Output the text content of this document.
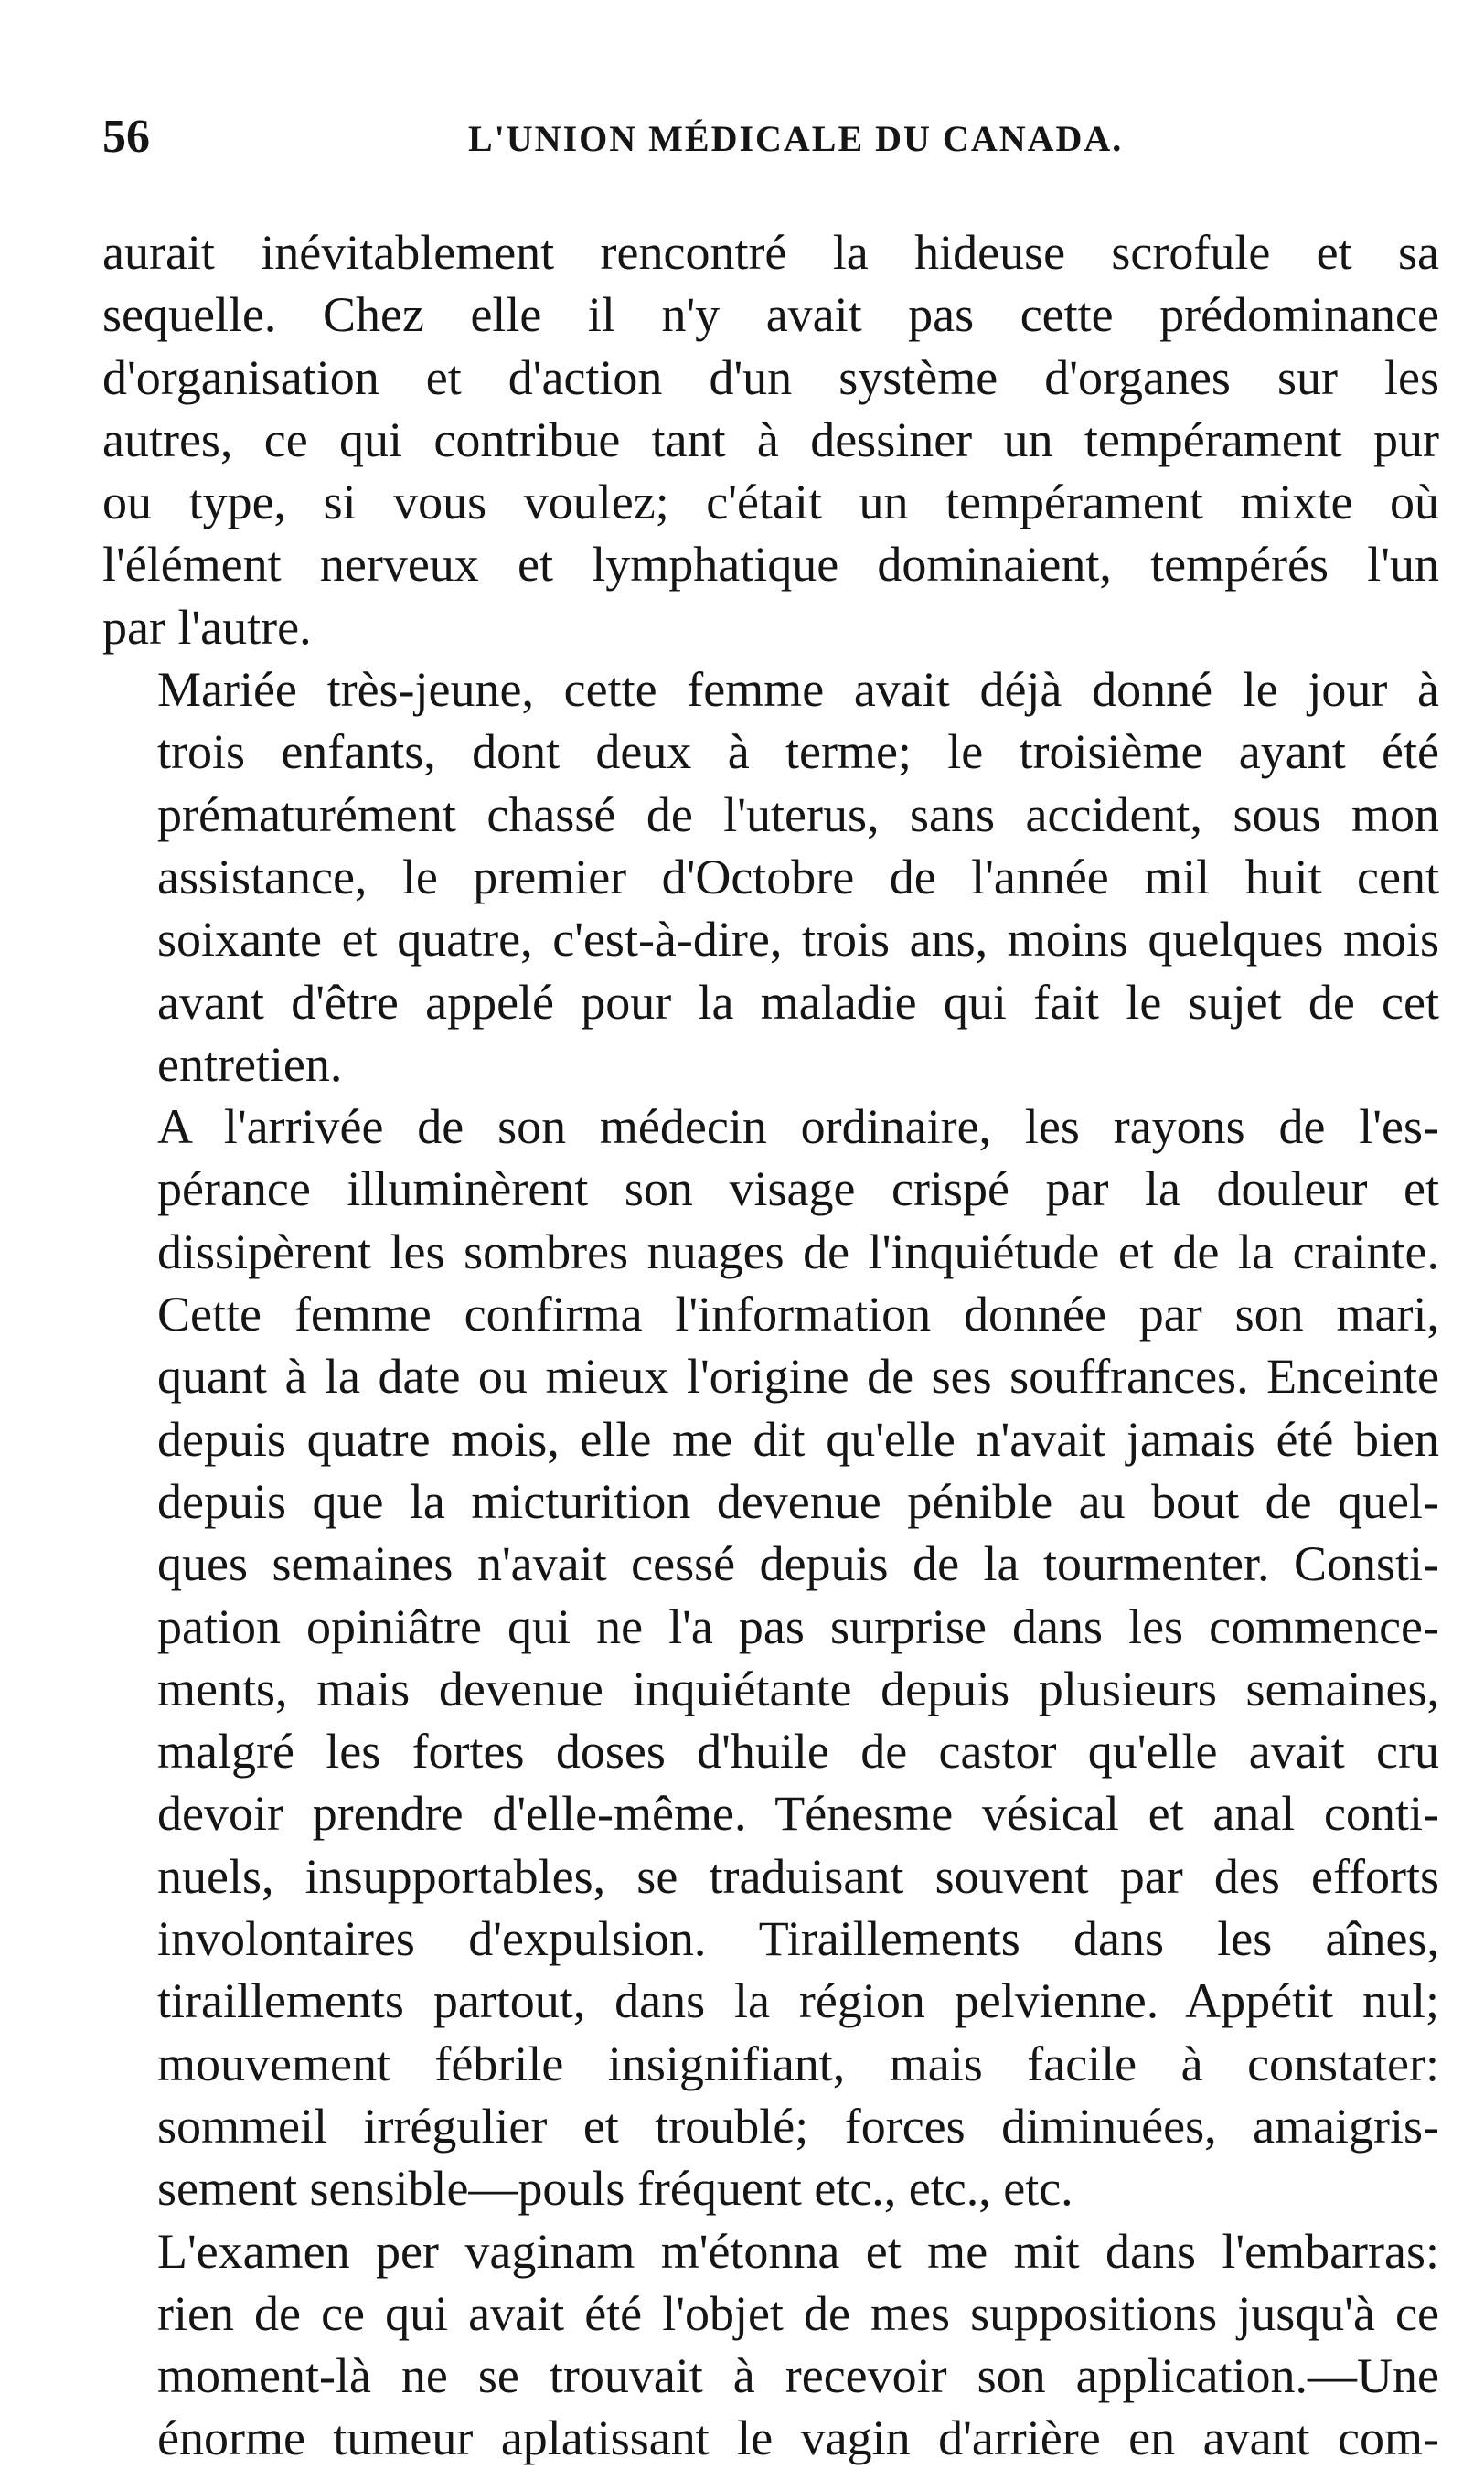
56	L'UNION MÉDICALE DU CANADA.
aurait inévitablement rencontré la hideuse scrofule et sa
sequelle. Chez elle il n'y avait pas cette prédominance
d'organisation et d'action d'un système d'organes sur les
autres, ce qui contribue tant à dessiner un tempérament pur
ou type, si vous voulez; c'était un tempérament mixte où
l'élément nerveux et lymphatique dominaient, tempérés l'un
par l'autre.
Mariée très-jeune, cette femme avait déjà donné le jour à
trois enfants, dont deux à terme; le troisième ayant été
prématurément chassé de l'uterus, sans accident, sous mon
assistance, le premier d'Octobre de l'année mil huit cent
soixante et quatre, c'est-à-dire, trois ans, moins quelques mois
avant d'être appelé pour la maladie qui fait le sujet de cet
entretien.
A l'arrivée de son médecin ordinaire, les rayons de l'es-
pérance illuminèrent son visage crispé par la douleur et
dissipèrent les sombres nuages de l'inquiétude et de la crainte.
Cette femme confirma l'information donnée par son mari,
quant à la date ou mieux l'origine de ses souffrances. Enceinte
depuis quatre mois, elle me dit qu'elle n'avait jamais été bien
depuis que la micturition devenue pénible au bout de quel-
ques semaines n'avait cessé depuis de la tourmenter. Consti-
pation opiniâtre qui ne l'a pas surprise dans les commence-
ments, mais devenue inquiétante depuis plusieurs semaines,
malgré les fortes doses d'huile de castor qu'elle avait cru
devoir prendre d'elle-même. Ténesme vésical et anal conti-
nuels, insupportables, se traduisant souvent par des efforts
involontaires d'expulsion. Tiraillements dans les aînes,
tiraillements partout, dans la région pelvienne. Appétit nul;
mouvement fébrile insignifiant, mais facile à constater:
sommeil irrégulier et troublé; forces diminuées, amaigris-
sement sensible—pouls fréquent etc., etc., etc.
L'examen per vaginam m'étonna et me mit dans l'embarras:
rien de ce qui avait été l'objet de mes suppositions jusqu'à ce
moment-là ne se trouvait à recevoir son application.—Une
énorme tumeur aplatissant le vagin d'arrière en avant com-
